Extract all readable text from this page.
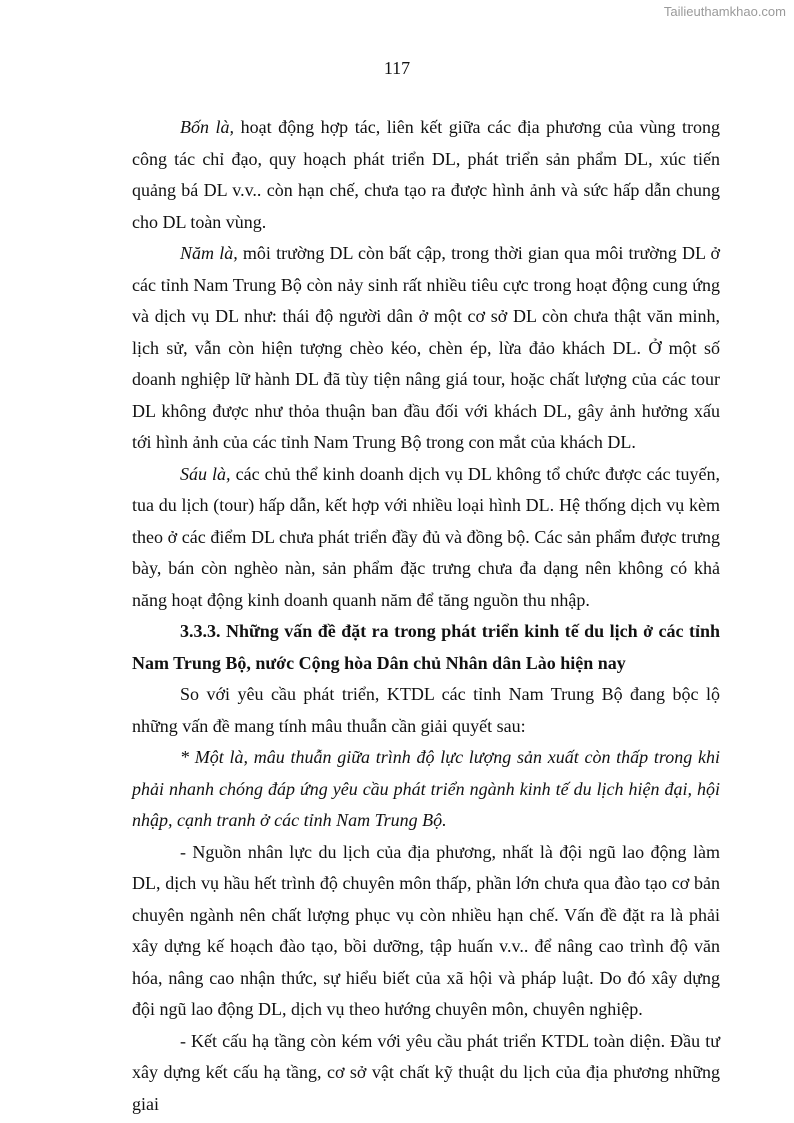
Tailieuthamkhao.com
117

Bốn là, hoạt động hợp tác, liên kết giữa các địa phương của vùng trong công tác chỉ đạo, quy hoạch phát triển DL, phát triển sản phẩm DL, xúc tiến quảng bá DL v.v.. còn hạn chế, chưa tạo ra được hình ảnh và sức hấp dẫn chung cho DL toàn vùng.

Năm là, môi trường DL còn bất cập, trong thời gian qua môi trường DL ở các tỉnh Nam Trung Bộ còn nảy sinh rất nhiều tiêu cực trong hoạt động cung ứng và dịch vụ DL như: thái độ người dân ở một cơ sở DL còn chưa thật văn minh, lịch sử, vẫn còn hiện tượng chèo kéo, chèn ép, lừa đảo khách DL. Ở một số doanh nghiệp lữ hành DL đã tùy tiện nâng giá tour, hoặc chất lượng của các tour DL không được như thỏa thuận ban đầu đối với khách DL, gây ảnh hưởng xấu tới hình ảnh của các tỉnh Nam Trung Bộ trong con mắt của khách DL.

Sáu là, các chủ thể kinh doanh dịch vụ DL không tổ chức được các tuyến, tua du lịch (tour) hấp dẫn, kết hợp với nhiều loại hình DL. Hệ thống dịch vụ kèm theo ở các điểm DL chưa phát triển đầy đủ và đồng bộ. Các sản phẩm được trưng bày, bán còn nghèo nàn, sản phẩm đặc trưng chưa đa dạng nên không có khả năng hoạt động kinh doanh quanh năm để tăng nguồn thu nhập.

3.3.3. Những vấn đề đặt ra trong phát triển kinh tế du lịch ở các tỉnh Nam Trung Bộ, nước Cộng hòa Dân chủ Nhân dân Lào hiện nay

So với yêu cầu phát triển, KTDL các tỉnh Nam Trung Bộ đang bộc lộ những vấn đề mang tính mâu thuẫn cần giải quyết sau:

* Một là, mâu thuẫn giữa trình độ lực lượng sản xuất còn thấp trong khi phải nhanh chóng đáp ứng yêu cầu phát triển ngành kinh tế du lịch hiện đại, hội nhập, cạnh tranh ở các tỉnh Nam Trung Bộ.

- Nguồn nhân lực du lịch của địa phương, nhất là đội ngũ lao động làm DL, dịch vụ hầu hết trình độ chuyên môn thấp, phần lớn chưa qua đào tạo cơ bản chuyên ngành nên chất lượng phục vụ còn nhiều hạn chế. Vấn đề đặt ra là phải xây dựng kế hoạch đào tạo, bồi dưỡng, tập huấn v.v.. để nâng cao trình độ văn hóa, nâng cao nhận thức, sự hiểu biết của xã hội và pháp luật. Do đó xây dựng đội ngũ lao động DL, dịch vụ theo hướng chuyên môn, chuyên nghiệp.

- Kết cấu hạ tầng còn kém với yêu cầu phát triển KTDL toàn diện. Đầu tư xây dựng kết cấu hạ tầng, cơ sở vật chất kỹ thuật du lịch của địa phương những giai
